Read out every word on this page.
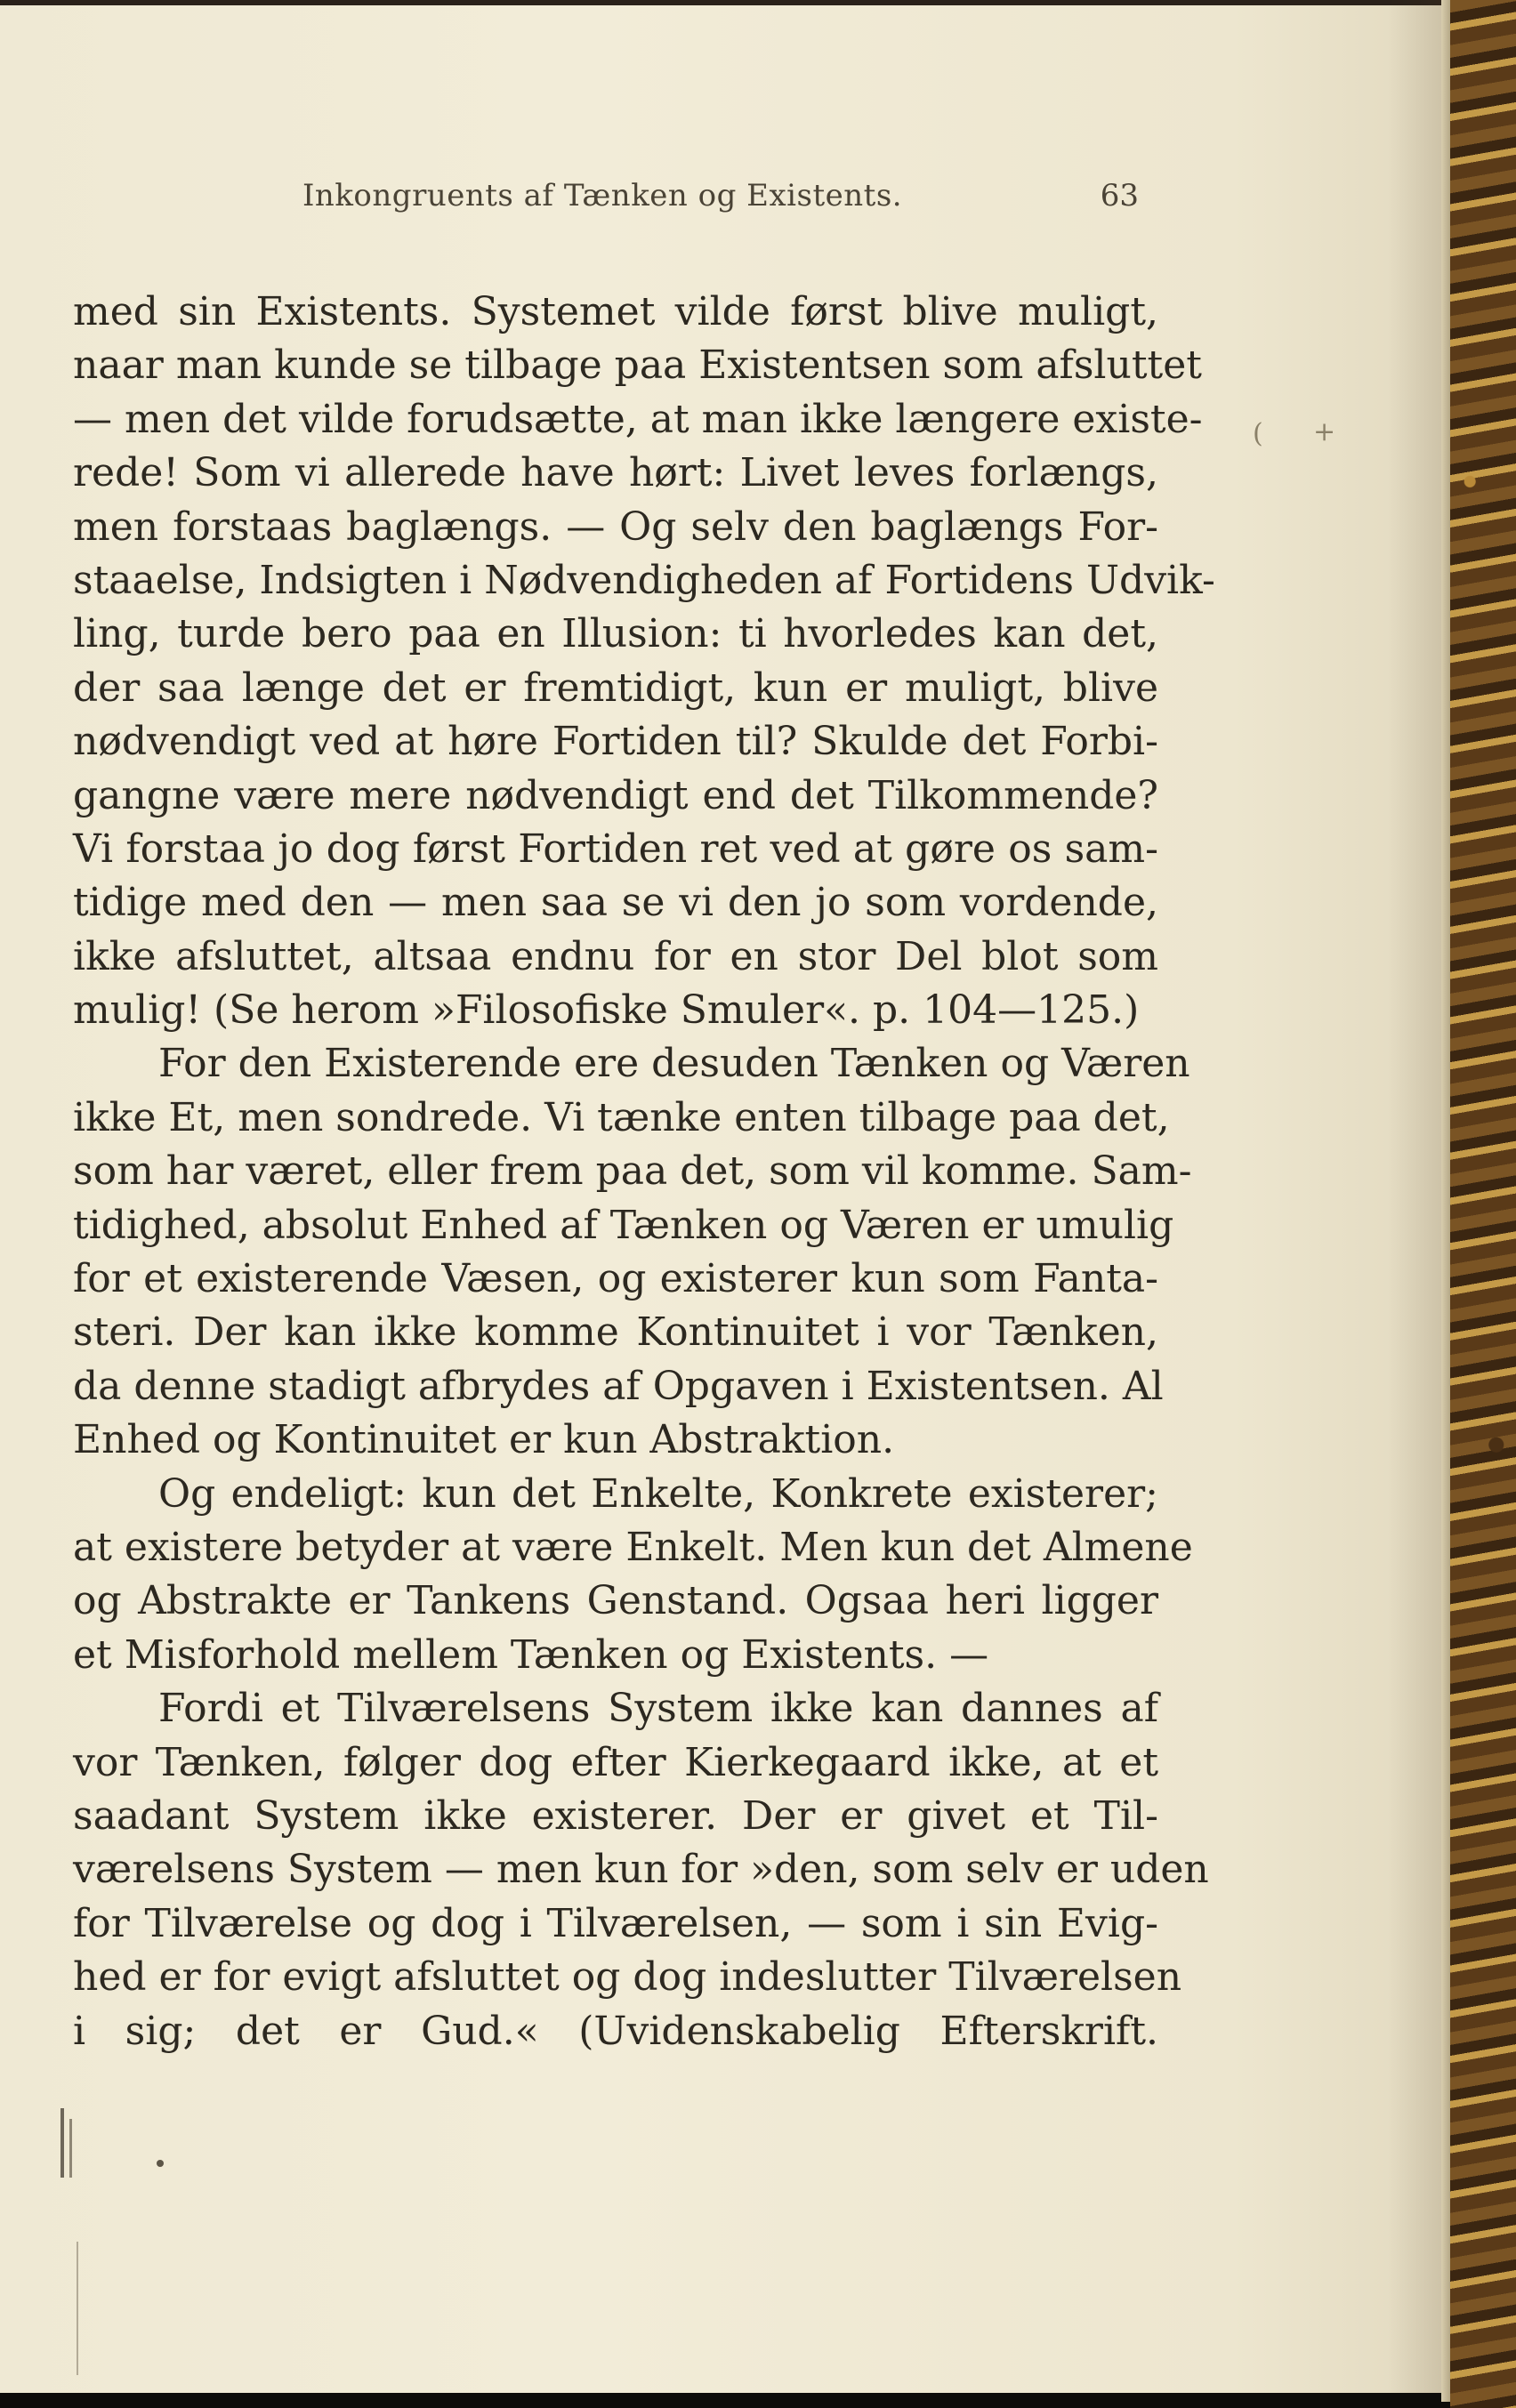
Inkongruents af Tænken og Existents.	63
( +
med sin Existents. Systemet vilde først blive muligt,
naar man kunde se tilbage paa Existentsen som afsluttet
— men det vilde forudsætte, at man ikke længere existe-
rede! Som vi allerede have hørt: Livet leves forlængs,
men forstaas baglængs. — Og selv den baglængs For-
staaelse, Indsigten i Nødvendigheden af Fortidens Udvik-
ling, turde bero paa en Illusion: ti hvorledes kan det,
der saa længe det er fremtidigt, kun er muligt, blive
nødvendigt ved at høre Fortiden til? Skulde det Forbi-
gangne være mere nødvendigt end det Tilkommende?
Vi forstaa jo dog først Fortiden ret ved at gøre os sam-
tidige med den — men saa se vi den jo som vordende,
ikke afsluttet, altsaa endnu for en stor Del blot som
mulig! (Se herom »Filosofiske Smuler«. p. 104—125.)
For den Existerende ere desuden Tænken og Væren
ikke Et, men sondrede. Vi tænke enten tilbage paa det,
som har været, eller frem paa det, som vil komme. Sam-
tidighed, absolut Enhed af Tænken og Væren er umulig
for et existerende Væsen, og existerer kun som Fanta-
steri. Der kan ikke komme Kontinuitet i vor Tænken,
da denne stadigt afbrydes af Opgaven i Existentsen. Al
Enhed og Kontinuitet er kun Abstraktion.
Og endeligt: kun det Enkelte, Konkrete existerer;
at existere betyder at være Enkelt. Men kun det Almene
og Abstrakte er Tankens Genstand. Ogsaa heri ligger
et Misforhold mellem Tænken og Existents. —
Fordi et Tilværelsens System ikke kan dannes af
vor Tænken, følger dog efter Kierkegaard ikke, at et
saadant System ikke existerer. Der er givet et Til-
værelsens System — men kun for »den, som selv er uden
for Tilværelse og dog i Tilværelsen, — som i sin Evig-
hed er for evigt afsluttet og dog indeslutter Tilværelsen
i sig; det er Gud.« (Uvidenskabelig Efterskrift.
